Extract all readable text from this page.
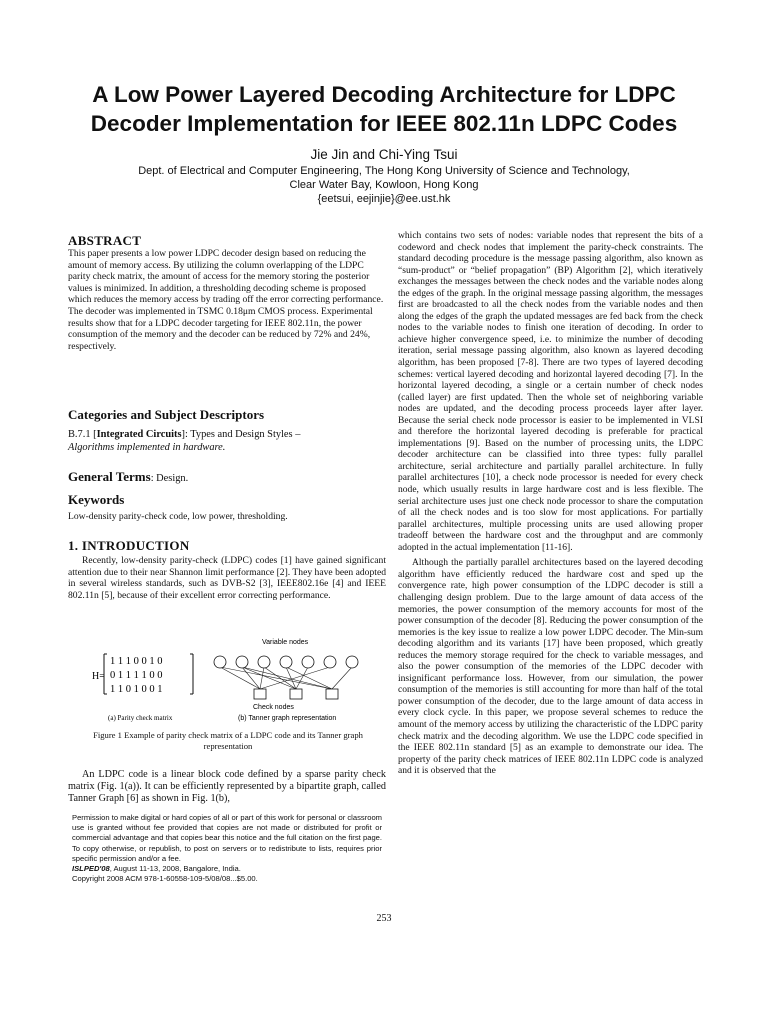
A Low Power Layered Decoding Architecture for LDPC
Decoder Implementation for IEEE 802.11n LDPC Codes
Jie Jin and Chi-Ying Tsui
Dept. of Electrical and Computer Engineering, The Hong Kong University of Science and Technology,
Clear Water Bay, Kowloon, Hong Kong
{eetsui, eejinjie}@ee.ust.hk
ABSTRACT

This paper presents a low power LDPC decoder design based on reducing the amount of memory access. By utilizing the column overlapping of the LDPC parity check matrix, the amount of access for the memory storing the posterior values is minimized. In addition, a thresholding decoding scheme is proposed which reduces the memory access by trading off the error correcting performance. The decoder was implemented in TSMC 0.18μm CMOS process. Experimental results show that for a LDPC decoder targeting for IEEE 802.11n, the power consumption of the memory and the decoder can be reduced by 72% and 24%, respectively.

Categories and Subject Descriptors
B.7.1 [Integrated Circuits]: Types and Design Styles –
Algorithms implemented in hardware.
General Terms: Design.
Keywords
Low-density parity-check code, low power, thresholding.
1. INTRODUCTION

Recently, low-density parity-check (LDPC) codes [1] have gained significant attention due to their near Shannon limit performance [2]. They have been adopted in several wireless standards, such as DVB-S2 [3], IEEE802.16e [4] and IEEE 802.11n [5], because of their excellent error correcting performance.

H=
1 1 1 0 0 1 0
0 1 1 1 1 0 0
1 1 0 1 0 0 1
(a) Parity check matrix
Variable nodes
Check nodes
(b) Tanner graph representation
Figure 1 Example of parity check matrix of a LDPC code and its Tanner graph representation

An LDPC code is a linear block code defined by a sparse parity check matrix (Fig. 1(a)). It can be efficiently represented by a bipartite graph, called Tanner Graph [6] as shown in Fig. 1(b),

Permission to make digital or hard copies of all or part of this work for personal or classroom use is granted without fee provided that copies are not made or distributed for profit or commercial advantage and that copies bear this notice and the full citation on the first page. To copy otherwise, or republish, to post on servers or to redistribute to lists, requires prior specific permission and/or a fee.
ISLPED'08, August 11-13, 2008, Bangalore, India.
Copyright 2008 ACM 978-1-60558-109-5/08/08...$5.00.

which contains two sets of nodes: variable nodes that represent the bits of a codeword and check nodes that implement the parity-check constraints. The standard decoding procedure is the message passing algorithm, also known as “sum-product” or “belief propagation” (BP) Algorithm [2], which iteratively exchanges the messages between the check nodes and the variable nodes along the edges of the graph. In the original message passing algorithm, the messages first are broadcasted to all the check nodes from the variable nodes and then along the edges of the graph the updated messages are fed back from the check nodes to the variable nodes to finish one iteration of decoding. In order to achieve higher convergence speed, i.e. to minimize the number of decoding iteration, serial message passing algorithm, also known as layered decoding algorithm, has been proposed [7-8]. There are two types of layered decoding schemes: vertical layered decoding and horizontal layered decoding [7]. In the horizontal layered decoding, a single or a certain number of check nodes (called layer) are first updated. Then the whole set of neighboring variable nodes are updated, and the decoding process proceeds layer after layer. Because the serial check node processor is easier to be implemented in VLSI and therefore the horizontal layered decoding is preferable for practical implementations [9]. Based on the number of processing units, the LDPC decoder architecture can be classified into three types: fully parallel architecture, serial architecture and partially parallel architecture. In fully parallel architectures [10], a check node processor is needed for every check node, which usually results in large hardware cost and is less flexible. The serial architecture uses just one check node processor to share the computation of all the check nodes and is too slow for most applications. For partially parallel architectures, multiple processing units are used allowing proper tradeoff between the hardware cost and the throughput and are commonly adopted in the actual implementation [11-16].

Although the partially parallel architectures based on the layered decoding algorithm have efficiently reduced the hardware cost and sped up the convergence rate, high power consumption of the LDPC decoder is still a challenging design problem. Due to the large amount of data access of the memories, the power consumption of the memory accounts for most of the power consumption of the decoder [8]. Reducing the power consumption of the memories is the key issue to realize a low power LDPC decoder. The Min-sum decoding algorithm and its variants [17] have been proposed, which greatly reduces the memory storage required for the check to variable messages, and also the power consumption of the memories of the LDPC decoder with insignificant performance loss. However, from our simulation, the power consumption of the memories is still accounting for more than half of the total power consumption of the decoder, due to the large amount of data access in every clock cycle. In this paper, we propose several schemes to reduce the amount of the memory access by utilizing the characteristic of the LDPC parity check matrix and the decoding algorithm. We use the LDPC code specified in the IEEE 802.11n standard [5] as an example to demonstrate our idea. The property of the parity check matrices of IEEE 802.11n LDPC code is analyzed and it is observed that the

253
